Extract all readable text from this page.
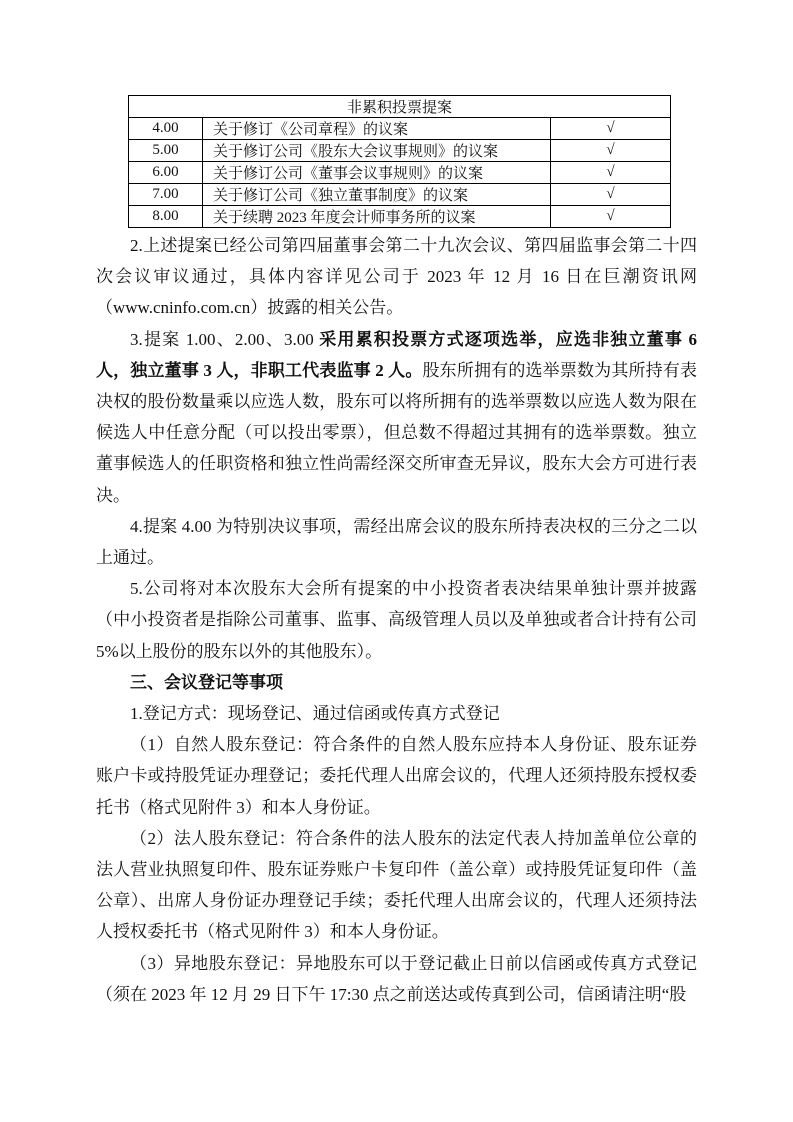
非累积投票提案		
4.00	关于修订《公司章程》的议案	√
5.00	关于修订公司《股东大会议事规则》的议案	√
6.00	关于修订公司《董事会议事规则》的议案	√
7.00	关于修订公司《独立董事制度》的议案	√
8.00	关于续聘 2023 年度会计师事务所的议案	√

2.上述提案已经公司第四届董事会第二十九次会议、第四届监事会第二十四次会议审议通过，具体内容详见公司于 2023 年 12 月 16 日在巨潮资讯网（www.cninfo.com.cn）披露的相关公告。

3.提案 1.00、2.00、3.00 采用累积投票方式逐项选举，应选非独立董事 6 人，独立董事 3 人，非职工代表监事 2 人。股东所拥有的选举票数为其所持有表决权的股份数量乘以应选人数，股东可以将所拥有的选举票数以应选人数为限在候选人中任意分配（可以投出零票），但总数不得超过其拥有的选举票数。独立董事候选人的任职资格和独立性尚需经深交所审查无异议，股东大会方可进行表决。

4.提案 4.00 为特别决议事项，需经出席会议的股东所持表决权的三分之二以上通过。

5.公司将对本次股东大会所有提案的中小投资者表决结果单独计票并披露（中小投资者是指除公司董事、监事、高级管理人员以及单独或者合计持有公司5%以上股份的股东以外的其他股东）。

三、会议登记等事项

1.登记方式：现场登记、通过信函或传真方式登记

（1）自然人股东登记：符合条件的自然人股东应持本人身份证、股东证券账户卡或持股凭证办理登记；委托代理人出席会议的，代理人还须持股东授权委托书（格式见附件 3）和本人身份证。

（2）法人股东登记：符合条件的法人股东的法定代表人持加盖单位公章的法人营业执照复印件、股东证券账户卡复印件（盖公章）或持股凭证复印件（盖公章）、出席人身份证办理登记手续；委托代理人出席会议的，代理人还须持法人授权委托书（格式见附件 3）和本人身份证。

（3）异地股东登记：异地股东可以于登记截止日前以信函或传真方式登记（须在 2023 年 12 月 29 日下午 17:30 点之前送达或传真到公司，信函请注明“股
